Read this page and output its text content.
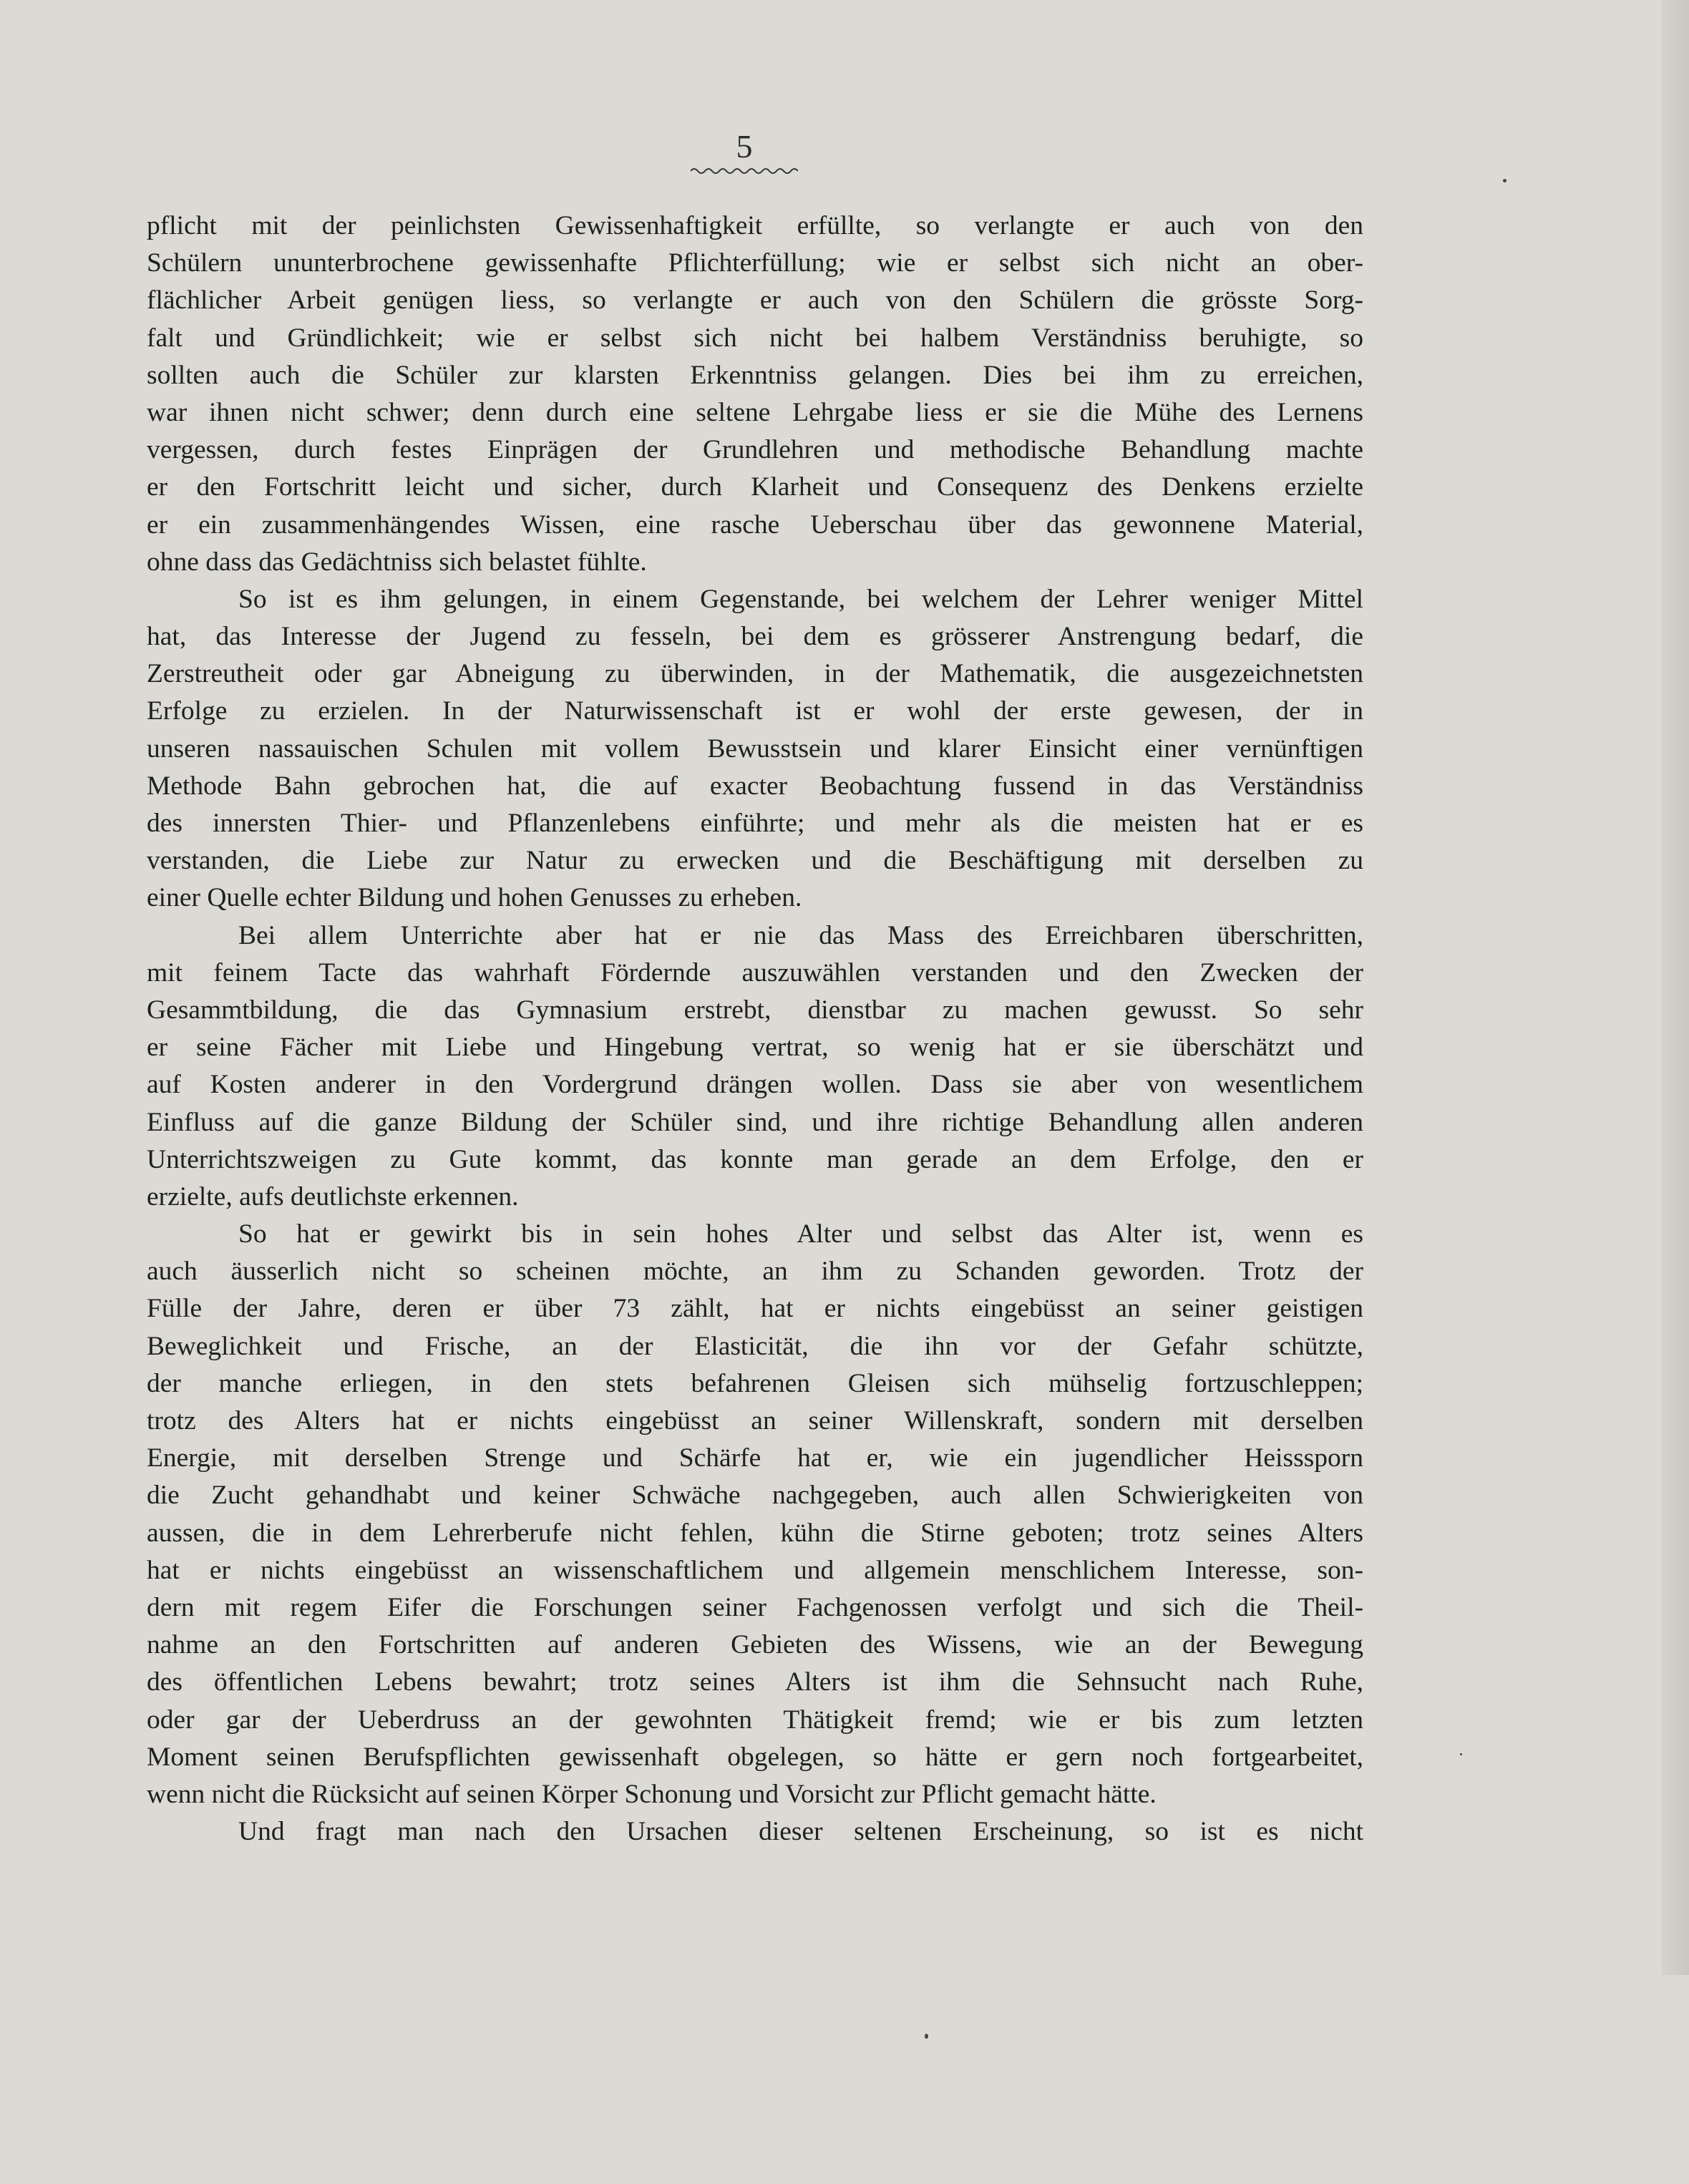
5
pflicht mit der peinlichsten Gewissenhaftigkeit erfüllte, so verlangte er auch von den
Schülern ununterbrochene gewissenhafte Pflichterfüllung; wie er selbst sich nicht an ober-
flächlicher Arbeit genügen liess, so verlangte er auch von den Schülern die grösste Sorg-
falt und Gründlichkeit; wie er selbst sich nicht bei halbem Verständniss beruhigte, so
sollten auch die Schüler zur klarsten Erkenntniss gelangen. Dies bei ihm zu erreichen,
war ihnen nicht schwer; denn durch eine seltene Lehrgabe liess er sie die Mühe des Lernens
vergessen, durch festes Einprägen der Grundlehren und methodische Behandlung machte
er den Fortschritt leicht und sicher, durch Klarheit und Consequenz des Denkens erzielte
er ein zusammenhängendes Wissen, eine rasche Ueberschau über das gewonnene Material,
ohne dass das Gedächtniss sich belastet fühlte.
So ist es ihm gelungen, in einem Gegenstande, bei welchem der Lehrer weniger Mittel
hat, das Interesse der Jugend zu fesseln, bei dem es grösserer Anstrengung bedarf, die
Zerstreutheit oder gar Abneigung zu überwinden, in der Mathematik, die ausgezeichnetsten
Erfolge zu erzielen. In der Naturwissenschaft ist er wohl der erste gewesen, der in
unseren nassauischen Schulen mit vollem Bewusstsein und klarer Einsicht einer vernünftigen
Methode Bahn gebrochen hat, die auf exacter Beobachtung fussend in das Verständniss
des innersten Thier- und Pflanzenlebens einführte; und mehr als die meisten hat er es
verstanden, die Liebe zur Natur zu erwecken und die Beschäftigung mit derselben zu
einer Quelle echter Bildung und hohen Genusses zu erheben.
Bei allem Unterrichte aber hat er nie das Mass des Erreichbaren überschritten,
mit feinem Tacte das wahrhaft Fördernde auszuwählen verstanden und den Zwecken der
Gesammtbildung, die das Gymnasium erstrebt, dienstbar zu machen gewusst. So sehr
er seine Fächer mit Liebe und Hingebung vertrat, so wenig hat er sie überschätzt und
auf Kosten anderer in den Vordergrund drängen wollen. Dass sie aber von wesentlichem
Einfluss auf die ganze Bildung der Schüler sind, und ihre richtige Behandlung allen anderen
Unterrichtszweigen zu Gute kommt, das konnte man gerade an dem Erfolge, den er
erzielte, aufs deutlichste erkennen.
So hat er gewirkt bis in sein hohes Alter und selbst das Alter ist, wenn es
auch äusserlich nicht so scheinen möchte, an ihm zu Schanden geworden. Trotz der
Fülle der Jahre, deren er über 73 zählt, hat er nichts eingebüsst an seiner geistigen
Beweglichkeit und Frische, an der Elasticität, die ihn vor der Gefahr schützte,
der manche erliegen, in den stets befahrenen Gleisen sich mühselig fortzuschleppen;
trotz des Alters hat er nichts eingebüsst an seiner Willenskraft, sondern mit derselben
Energie, mit derselben Strenge und Schärfe hat er, wie ein jugendlicher Heisssporn
die Zucht gehandhabt und keiner Schwäche nachgegeben, auch allen Schwierigkeiten von
aussen, die in dem Lehrerberufe nicht fehlen, kühn die Stirne geboten; trotz seines Alters
hat er nichts eingebüsst an wissenschaftlichem und allgemein menschlichem Interesse, son-
dern mit regem Eifer die Forschungen seiner Fachgenossen verfolgt und sich die Theil-
nahme an den Fortschritten auf anderen Gebieten des Wissens, wie an der Bewegung
des öffentlichen Lebens bewahrt; trotz seines Alters ist ihm die Sehnsucht nach Ruhe,
oder gar der Ueberdruss an der gewohnten Thätigkeit fremd; wie er bis zum letzten
Moment seinen Berufspflichten gewissenhaft obgelegen, so hätte er gern noch fortgearbeitet,
wenn nicht die Rücksicht auf seinen Körper Schonung und Vorsicht zur Pflicht gemacht hätte.
Und fragt man nach den Ursachen dieser seltenen Erscheinung, so ist es nicht
